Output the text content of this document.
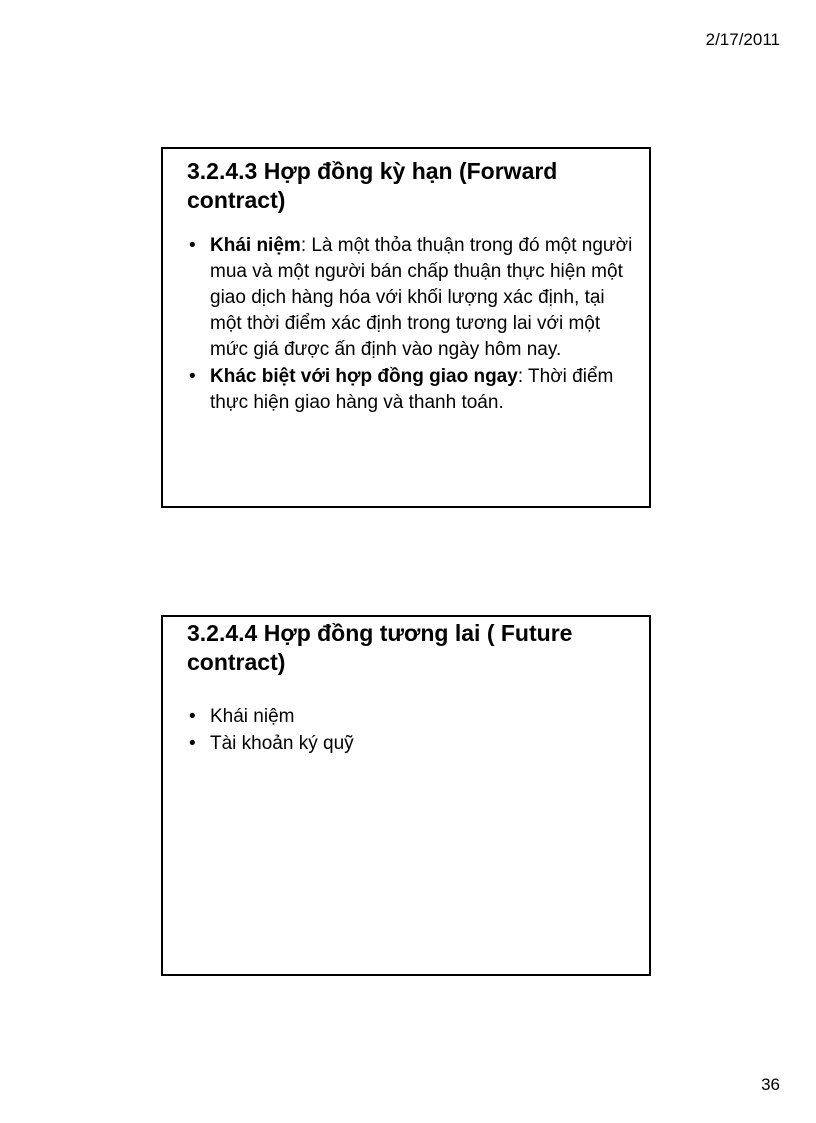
2/17/2011
3.2.4.3 Hợp đồng kỳ hạn (Forward contract)
• Khái niệm: Là một thỏa thuận trong đó một người mua và một người bán chấp thuận thực hiện một giao dịch hàng hóa với khối lượng xác định, tại một thời điểm xác định trong tương lai với một mức giá được ấn định vào ngày hôm nay.
• Khác biệt với hợp đồng giao ngay: Thời điểm thực hiện giao hàng và thanh toán.
3.2.4.4 Hợp đồng tương lai ( Future contract)
• Khái niệm
• Tài khoản ký quỹ
36
